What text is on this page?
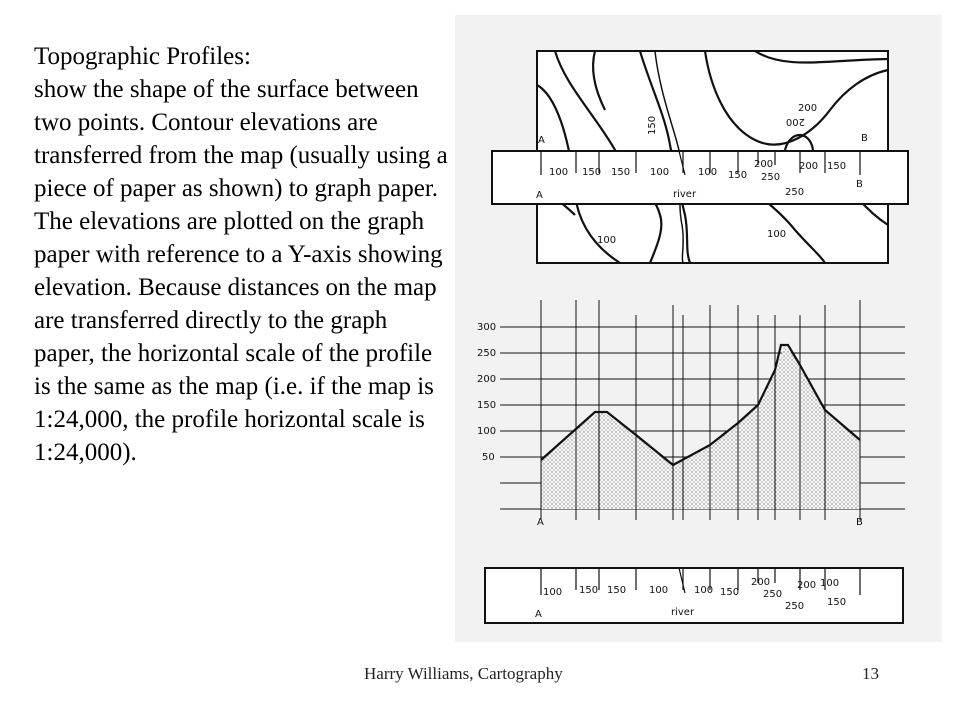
Topographic Profiles:
show the shape of the surface between two points. Contour elevations are transferred from the map (usually using a piece of paper as shown) to graph paper. The elevations are plotted on the graph paper with reference to a Y-axis showing elevation. Because distances on the map are transferred directly to the graph paper, the horizontal scale of the profile is the same as the map (i.e. if the map is 1:24,000, the profile horizontal scale is 1:24,000).
A	B
150
200
200
100
100
100 150 150 100	100 150
200
250
200 150
250
river
A
B
300
250
200
150
100
50
A	B
100 150 150 100	100 150
200
250
200 100
150
250
river
A
Harry Williams, Cartography	13
